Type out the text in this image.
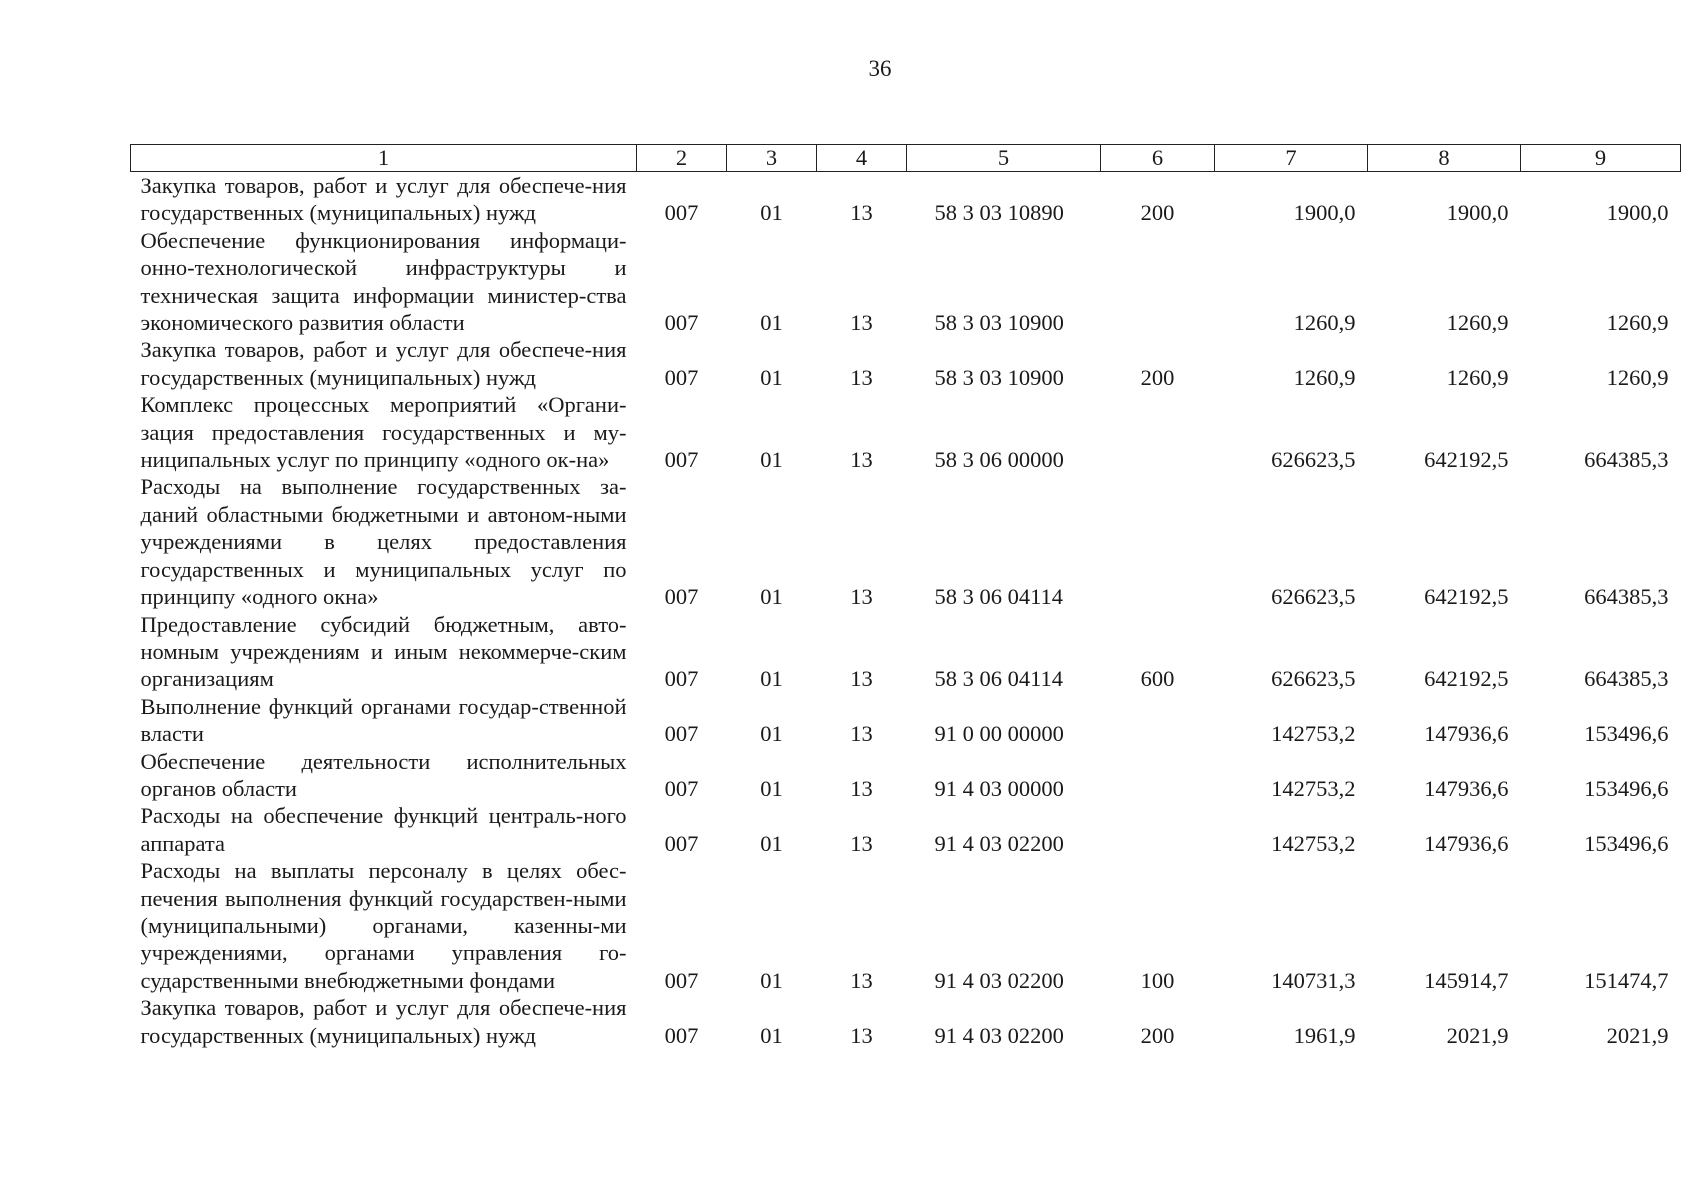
36
1	2	3	4	5	6	7	8	9
Закупка товаров, работ и услуг для обеспече-ния государственных (муниципальных) нужд	007	01	13	58 3 03 10890	200	1900,0	1900,0	1900,0
Обеспечение функционирования информаци-онно-технологической инфраструктуры и техническая защита информации министер-ства экономического развития области	007	01	13	58 3 03 10900		1260,9	1260,9	1260,9
Закупка товаров, работ и услуг для обеспече-ния государственных (муниципальных) нужд	007	01	13	58 3 03 10900	200	1260,9	1260,9	1260,9
Комплекс процессных мероприятий «Органи-зация предоставления государственных и му-ниципальных услуг по принципу «одного ок-на»	007	01	13	58 3 06 00000		626623,5	642192,5	664385,3
Расходы на выполнение государственных за-даний областными бюджетными и автоном-ными учреждениями в целях предоставления государственных и муниципальных услуг по принципу «одного окна»	007	01	13	58 3 06 04114		626623,5	642192,5	664385,3
Предоставление субсидий бюджетным, авто-номным учреждениям и иным некоммерче-ским организациям	007	01	13	58 3 06 04114	600	626623,5	642192,5	664385,3
Выполнение функций органами государ-ственной власти	007	01	13	91 0 00 00000		142753,2	147936,6	153496,6
Обеспечение деятельности исполнительных органов области	007	01	13	91 4 03 00000		142753,2	147936,6	153496,6
Расходы на обеспечение функций централь-ного аппарата	007	01	13	91 4 03 02200		142753,2	147936,6	153496,6
Расходы на выплаты персоналу в целях обес-печения выполнения функций государствен-ными (муниципальными) органами, казенны-ми учреждениями, органами управления го-сударственными внебюджетными фондами	007	01	13	91 4 03 02200	100	140731,3	145914,7	151474,7
Закупка товаров, работ и услуг для обеспече-ния государственных (муниципальных) нужд	007	01	13	91 4 03 02200	200	1961,9	2021,9	2021,9
